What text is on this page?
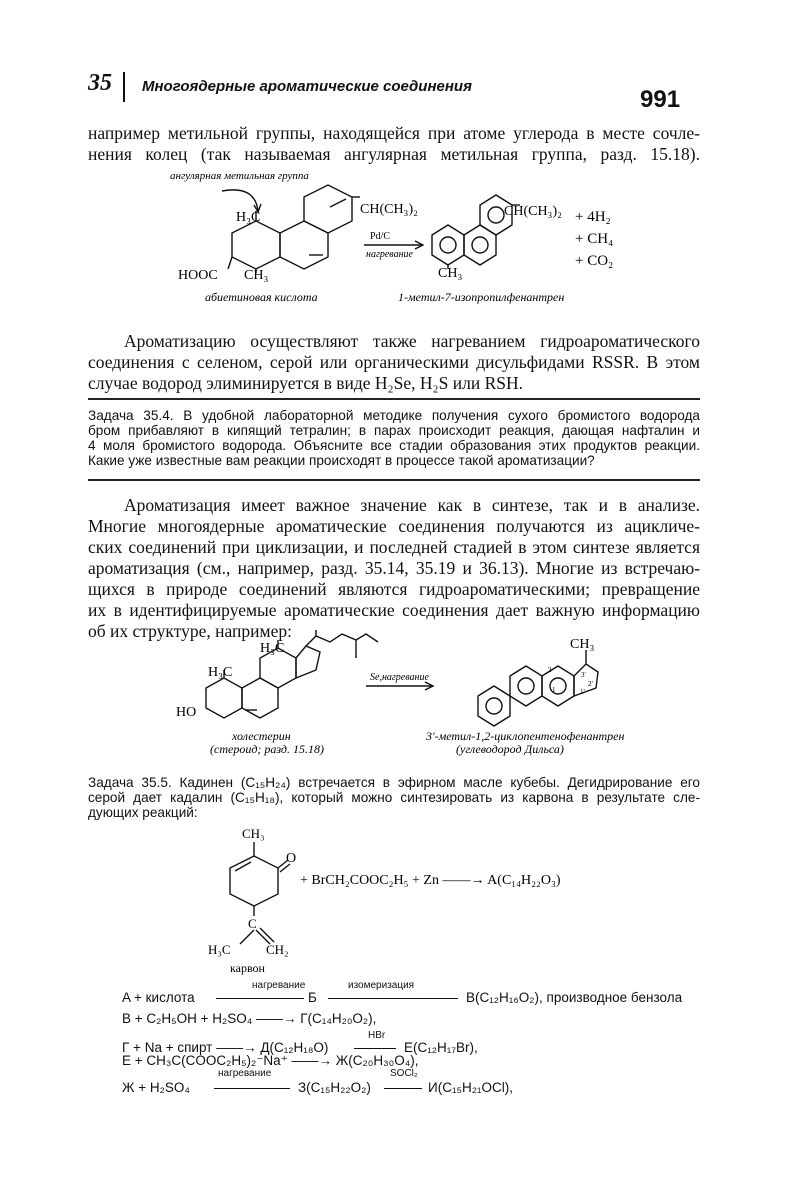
35 Многоядерные ароматические соединения	991
например метильной группы, находящейся при атоме углерода в месте сочле-
нения колец (так называемая ангулярная метильная группа, разд. 15.18).
ангулярная метильная группа
H₃C
CH(CH₃)₂
HOOC CH₃
Pd/C
нагревание
CH(CH₃)₂
CH₃
+ 4H₂
+ CH₄
+ CO₂
абиетиновая кислота	1-метил-7-изопропилфенантрен
Ароматизацию осуществляют также нагреванием гидроароматического
соединения с селеном, серой или органическими дисульфидами RSSR. В этом
случае водород элиминируется в виде H₂Se, H₂S или RSH.
Задача 35.4. В удобной лабораторной методике получения сухого бромистого водорода
бром прибавляют в кипящий тетралин; в парах происходит реакция, дающая нафталин и
4 моля бромистого водорода. Объясните все стадии образования этих продуктов реакции.
Какие уже известные вам реакции происходят в процессе такой ароматизации?
Ароматизация имеет важное значение как в синтезе, так и в анализе.
Многие многоядерные ароматические соединения получаются из ацикличе-
ских соединений при циклизации, и последней стадией в этом синтезе является
ароматизация (см., например, разд. 35.14, 35.19 и 36.13). Многие из встречаю-
щихся в природе соединений являются гидроароматическими; превращение
их в идентифицируемые ароматические соединения дает важную информацию
об их структуре, например:
H₃C
H₃C
HO
Se,нагревание
CH₃
3'
2'
1'
2
1
холестерин
(стероид; разд. 15.18)
3'-метил-1,2-циклопентенофенантрен
(углеводород Дильса)
Задача 35.5. Кадинен (C₁₅H₂₄) встречается в эфирном масле кубебы. Дегидрирование его
серой дает кадалин (C₁₅H₁₈), который можно синтезировать из карвона в результате сле-
дующих реакций:
CH₃
O
C
H₃C	CH₂
карвон
+ BrCH₂COOC₂H₅ + Zn ——→ A(C₁₄H₂₂O₃)
нагревание	изомеризация
A + кислота	Б	B(C₁₂H₁₆O₂), производное бензола
B + C₂H₅OH + H₂SO₄ ——→ Г(C₁₄H₂₀O₂),
HBr
Г + Na + спирт ——→ Д(C₁₂H₁₈O)	E(C₁₂H₁₇Br),
E + CH₃C(COOC₂H₅)₂⁻Na⁺ ——→ Ж(C₂₀H₃₀O₄),
нагревание	SOCl₂
Ж + H₂SO₄	З(C₁₅H₂₂O₂)	И(C₁₅H₂₁OCl),
